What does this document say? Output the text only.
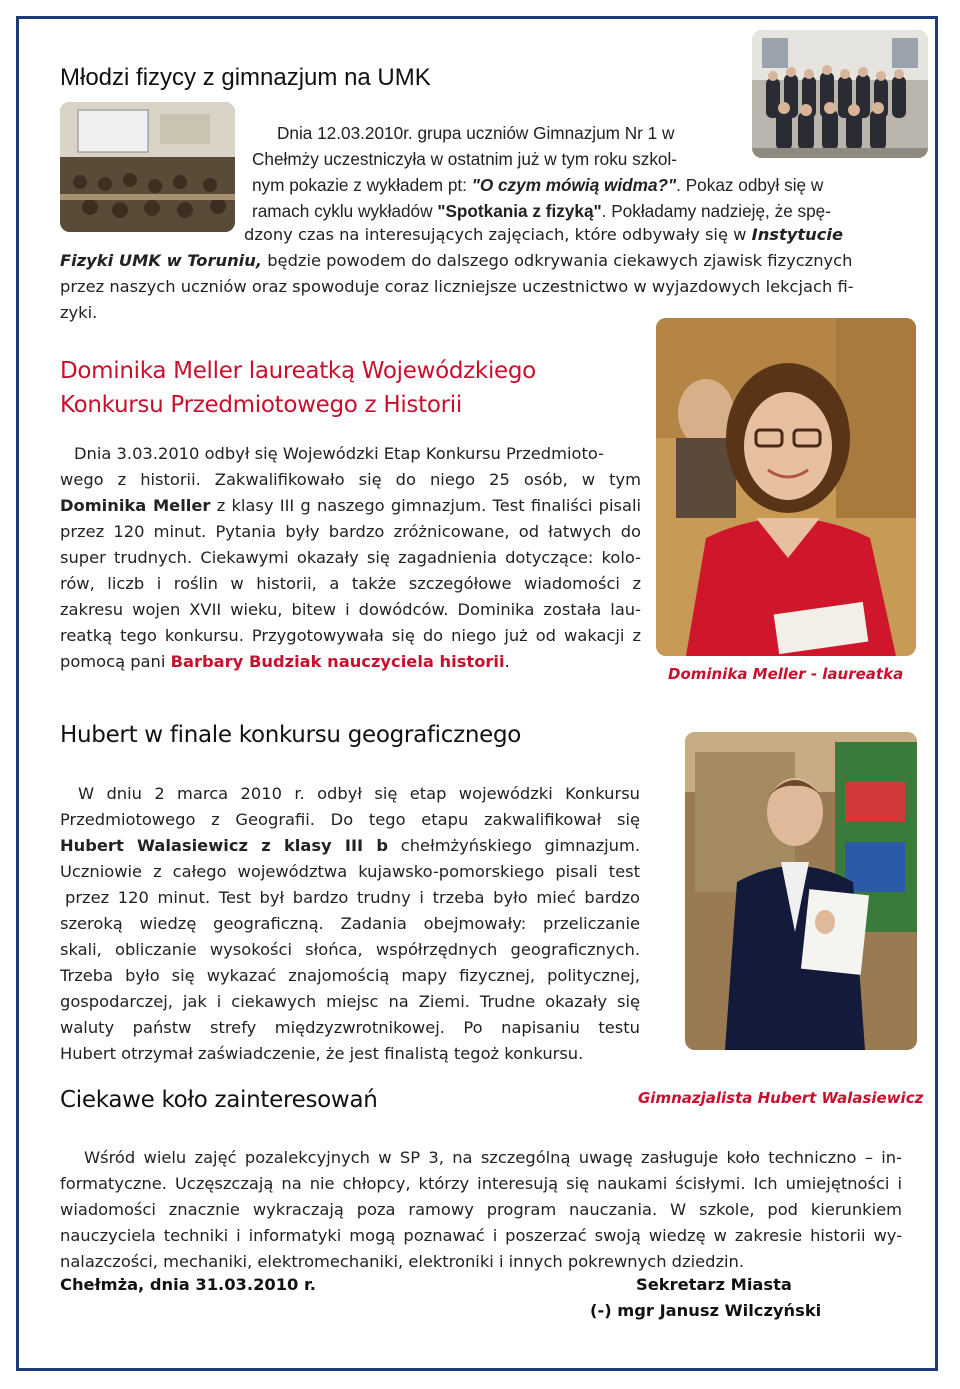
Młodzi fizycy z gimnazjum na UMK
Dnia 12.03.2010r. grupa uczniów Gimnazjum Nr 1 w
Chełmży uczestniczyła w ostatnim już w tym roku szkol-
nym pokazie z wykładem pt: "O czym mówią widma?". Pokaz odbył się w
ramach cyklu wykładów "Spotkania z fizyką". Pokładamy nadzieję, że spę-
dzony czas na interesujących zajęciach, które odbywały się w Instytucie
Fizyki UMK w Toruniu, będzie powodem do dalszego odkrywania ciekawych zjawisk fizycznych
przez naszych uczniów oraz spowoduje coraz liczniejsze uczestnictwo w wyjazdowych lekcjach fi-
zyki.
Dominika Meller laureatką Wojewódzkiego
Konkursu Przedmiotowego z Historii
Dnia 3.03.2010 odbył się Wojewódzki Etap Konkursu Przedmioto-
wego z historii. Zakwalifikowało się do niego 25 osób, w tym
Dominika Meller z klasy III g naszego gimnazjum. Test finaliści pisali
przez 120 minut. Pytania były bardzo zróżnicowane, od łatwych do
super trudnych. Ciekawymi okazały się zagadnienia dotyczące: kolo-
rów, liczb i roślin w historii, a także szczegółowe wiadomości z
zakresu wojen XVII wieku, bitew i dowódców. Dominika została lau-
reatką tego konkursu. Przygotowywała się do niego już od wakacji z
pomocą pani Barbary Budziak nauczyciela historii.
Dominika Meller - laureatka
Hubert w finale konkursu geograficznego
W dniu 2 marca 2010 r. odbył się etap wojewódzki Konkursu
Przedmiotowego z Geografii. Do tego etapu zakwalifikował się
Hubert Walasiewicz z klasy III b chełmżyńskiego gimnazjum.
Uczniowie z całego województwa kujawsko-pomorskiego pisali test
przez 120 minut. Test był bardzo trudny i trzeba było mieć bardzo
szeroką wiedzę geograficzną. Zadania obejmowały: przeliczanie
skali, obliczanie wysokości słońca, współrzędnych geograficznych.
Trzeba było się wykazać znajomością mapy fizycznej, politycznej,
gospodarczej, jak i ciekawych miejsc na Ziemi. Trudne okazały się
waluty państw strefy międzyzwrotnikowej. Po napisaniu testu
Hubert otrzymał zaświadczenie, że jest finalistą tegoż konkursu.
Gimnazjalista Hubert Walasiewicz
Ciekawe koło zainteresowań
Wśród wielu zajęć pozalekcyjnych w SP 3, na szczególną uwagę zasługuje koło techniczno – in-
formatyczne. Uczęszczają na nie chłopcy, którzy interesują się naukami ścisłymi. Ich umiejętności i
wiadomości znacznie wykraczają poza ramowy program nauczania. W szkole, pod kierunkiem
nauczyciela techniki i informatyki mogą poznawać i poszerzać swoją wiedzę w zakresie historii wy-
nalazczości, mechaniki, elektromechaniki, elektroniki i innych pokrewnych dziedzin.
Chełmża, dnia 31.03.2010 r.	Sekretarz Miasta
(-) mgr Janusz Wilczyński
